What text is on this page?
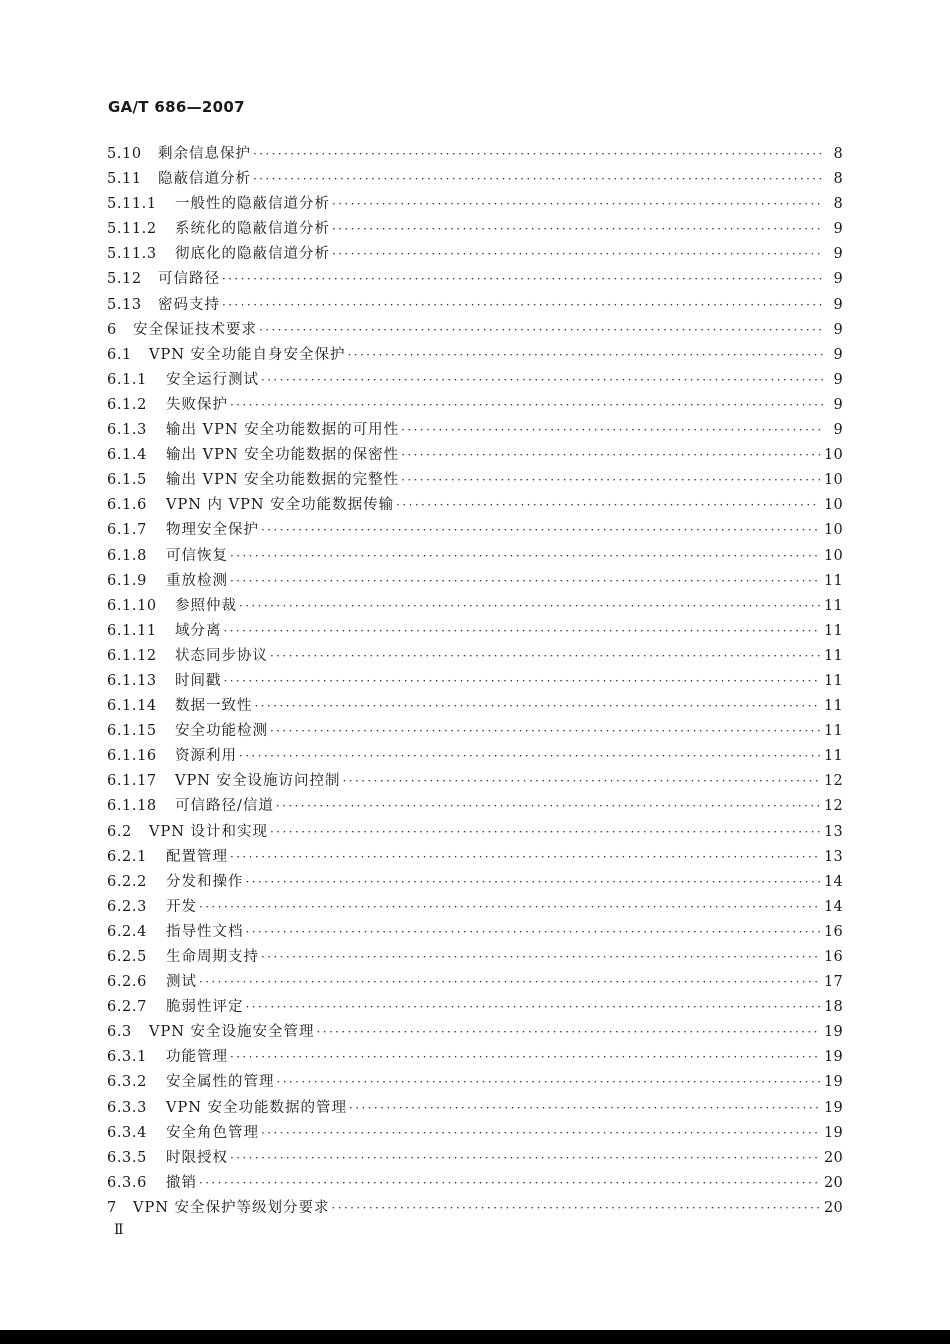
GA/T 686—2007
5.10	剩余信息保护 ·····	8
5.11	隐蔽信道分析 ·····	8
5.11.1	一般性的隐蔽信道分析 ·····	8
5.11.2	系统化的隐蔽信道分析 ·····	9
5.11.3	彻底化的隐蔽信道分析 ·····	9
5.12	可信路径 ·····	9
5.13	密码支持 ·····	9
6	安全保证技术要求 ·····	9
6.1	VPN 安全功能自身安全保护 ·····	9
6.1.1	安全运行测试 ·····	9
6.1.2	失败保护 ·····	9
6.1.3	输出 VPN 安全功能数据的可用性 ·····	9
6.1.4	输出 VPN 安全功能数据的保密性 ·····	10
6.1.5	输出 VPN 安全功能数据的完整性 ·····	10
6.1.6	VPN 内 VPN 安全功能数据传输 ·····	10
6.1.7	物理安全保护 ·····	10
6.1.8	可信恢复 ·····	10
6.1.9	重放检测 ·····	11
6.1.10	参照仲裁 ·····	11
6.1.11	域分离 ·····	11
6.1.12	状态同步协议 ·····	11
6.1.13	时间戳 ·····	11
6.1.14	数据一致性 ·····	11
6.1.15	安全功能检测 ·····	11
6.1.16	资源利用 ·····	11
6.1.17	VPN 安全设施访问控制 ·····	12
6.1.18	可信路径/信道 ·····	12
6.2	VPN 设计和实现 ·····	13
6.2.1	配置管理 ·····	13
6.2.2	分发和操作 ·····	14
6.2.3	开发 ·····	14
6.2.4	指导性文档 ·····	16
6.2.5	生命周期支持 ·····	16
6.2.6	测试 ·····	17
6.2.7	脆弱性评定 ·····	18
6.3	VPN 安全设施安全管理 ·····	19
6.3.1	功能管理 ·····	19
6.3.2	安全属性的管理 ·····	19
6.3.3	VPN 安全功能数据的管理 ·····	19
6.3.4	安全角色管理 ·····	19
6.3.5	时限授权 ·····	20
6.3.6	撤销 ·····	20
7	VPN 安全保护等级划分要求 ·····	20
Ⅱ
